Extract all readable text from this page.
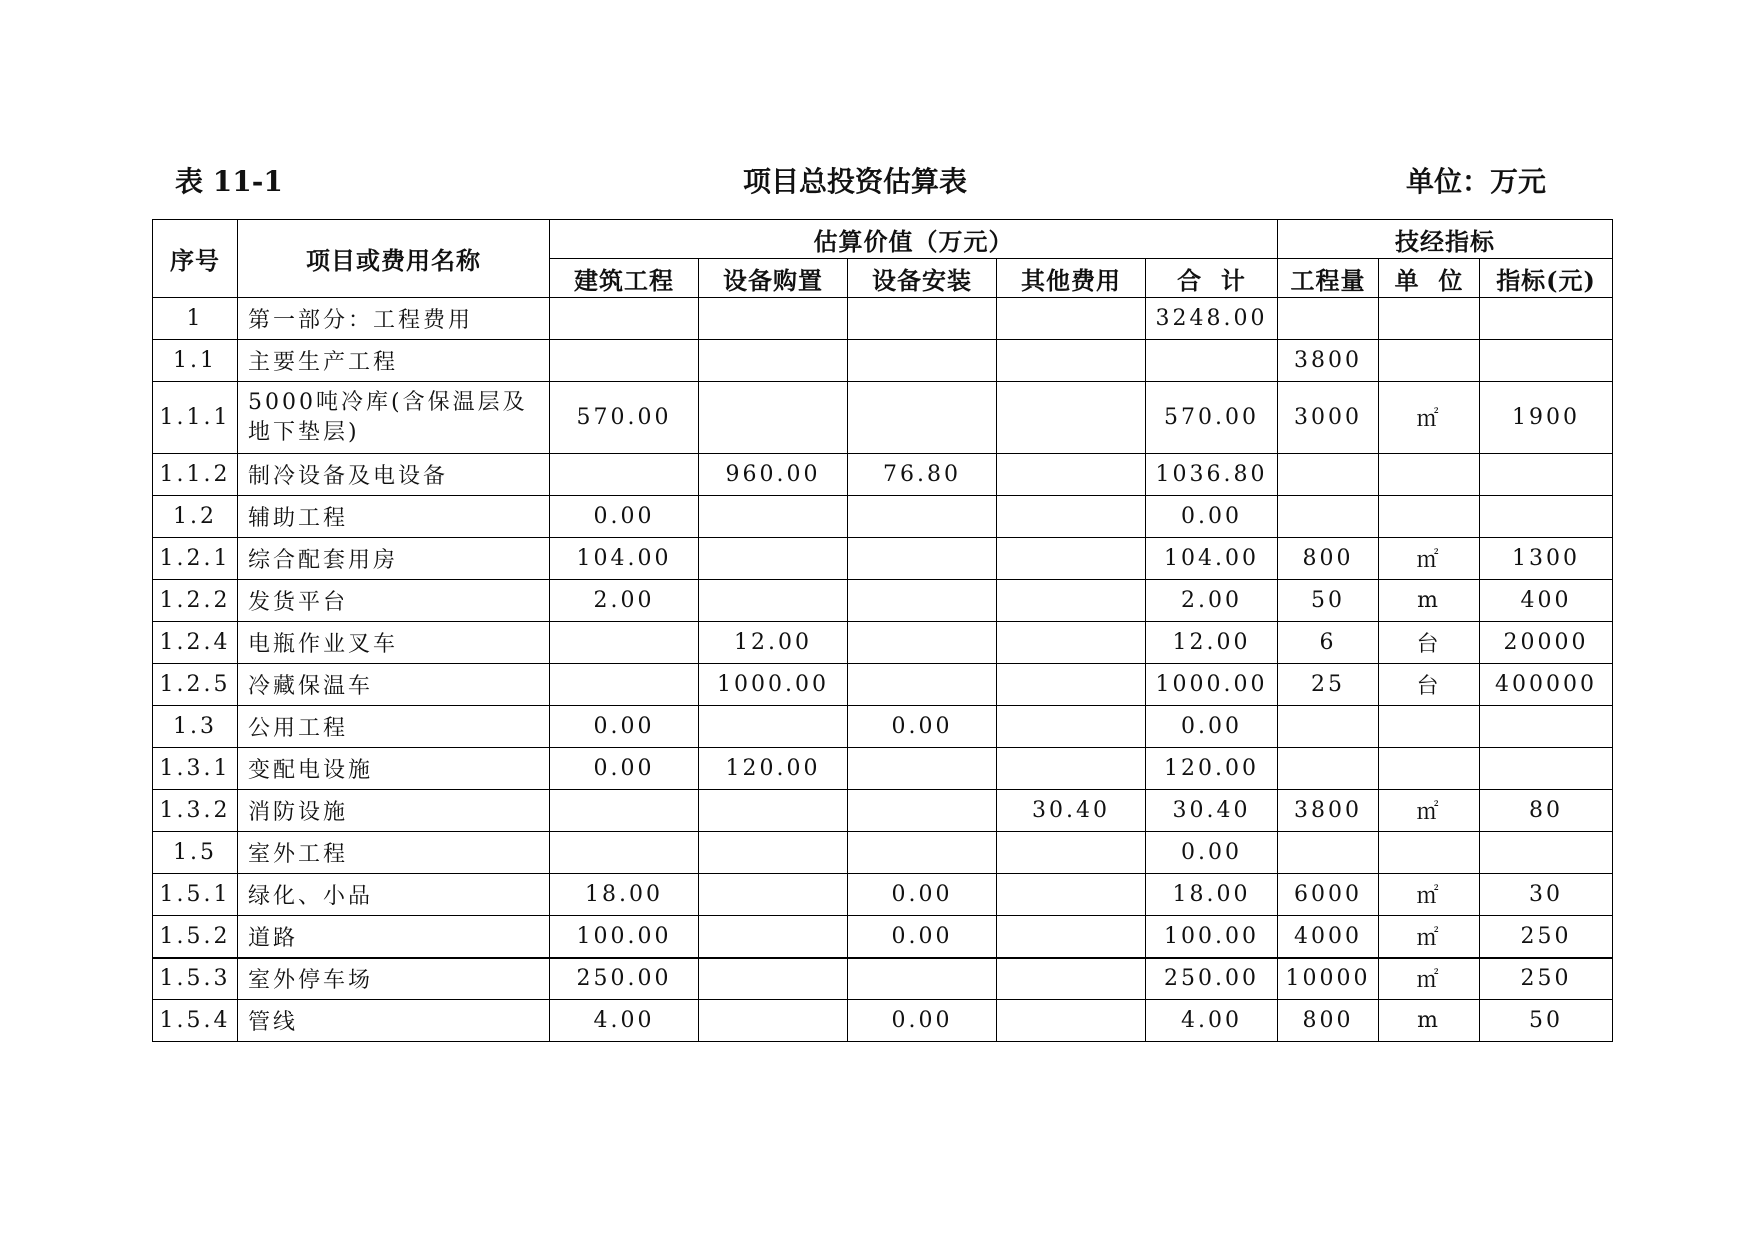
表 11-1	项目总投资估算表	单位：万元
序号	项目或费用名称	估算价值（万元）					技经指标		
		建筑工程	设备购置	设备安装	其他费用	合  计	工程量	单  位	指标(元)
1	第一部分：工程费用					3248.00			
1.1	主要生产工程						3800		
1.1.1	5000吨冷库(含保温层及地下垫层)	570.00				570.00	3000	㎡	1900
1.1.2	制冷设备及电设备		960.00	76.80		1036.80			
1.2	辅助工程	0.00				0.00			
1.2.1	综合配套用房	104.00				104.00	800	㎡	1300
1.2.2	发货平台	2.00				2.00	50	m	400
1.2.4	电瓶作业叉车		12.00			12.00	6	台	20000
1.2.5	冷藏保温车		1000.00			1000.00	25	台	400000
1.3	公用工程	0.00		0.00		0.00			
1.3.1	变配电设施	0.00	120.00			120.00			
1.3.2	消防设施				30.40	30.40	3800	㎡	80
1.5	室外工程					0.00			
1.5.1	绿化、小品	18.00		0.00		18.00	6000	㎡	30
1.5.2	道路	100.00		0.00		100.00	4000	㎡	250
1.5.3	室外停车场	250.00				250.00	10000	㎡	250
1.5.4	管线	4.00		0.00		4.00	800	m	50
